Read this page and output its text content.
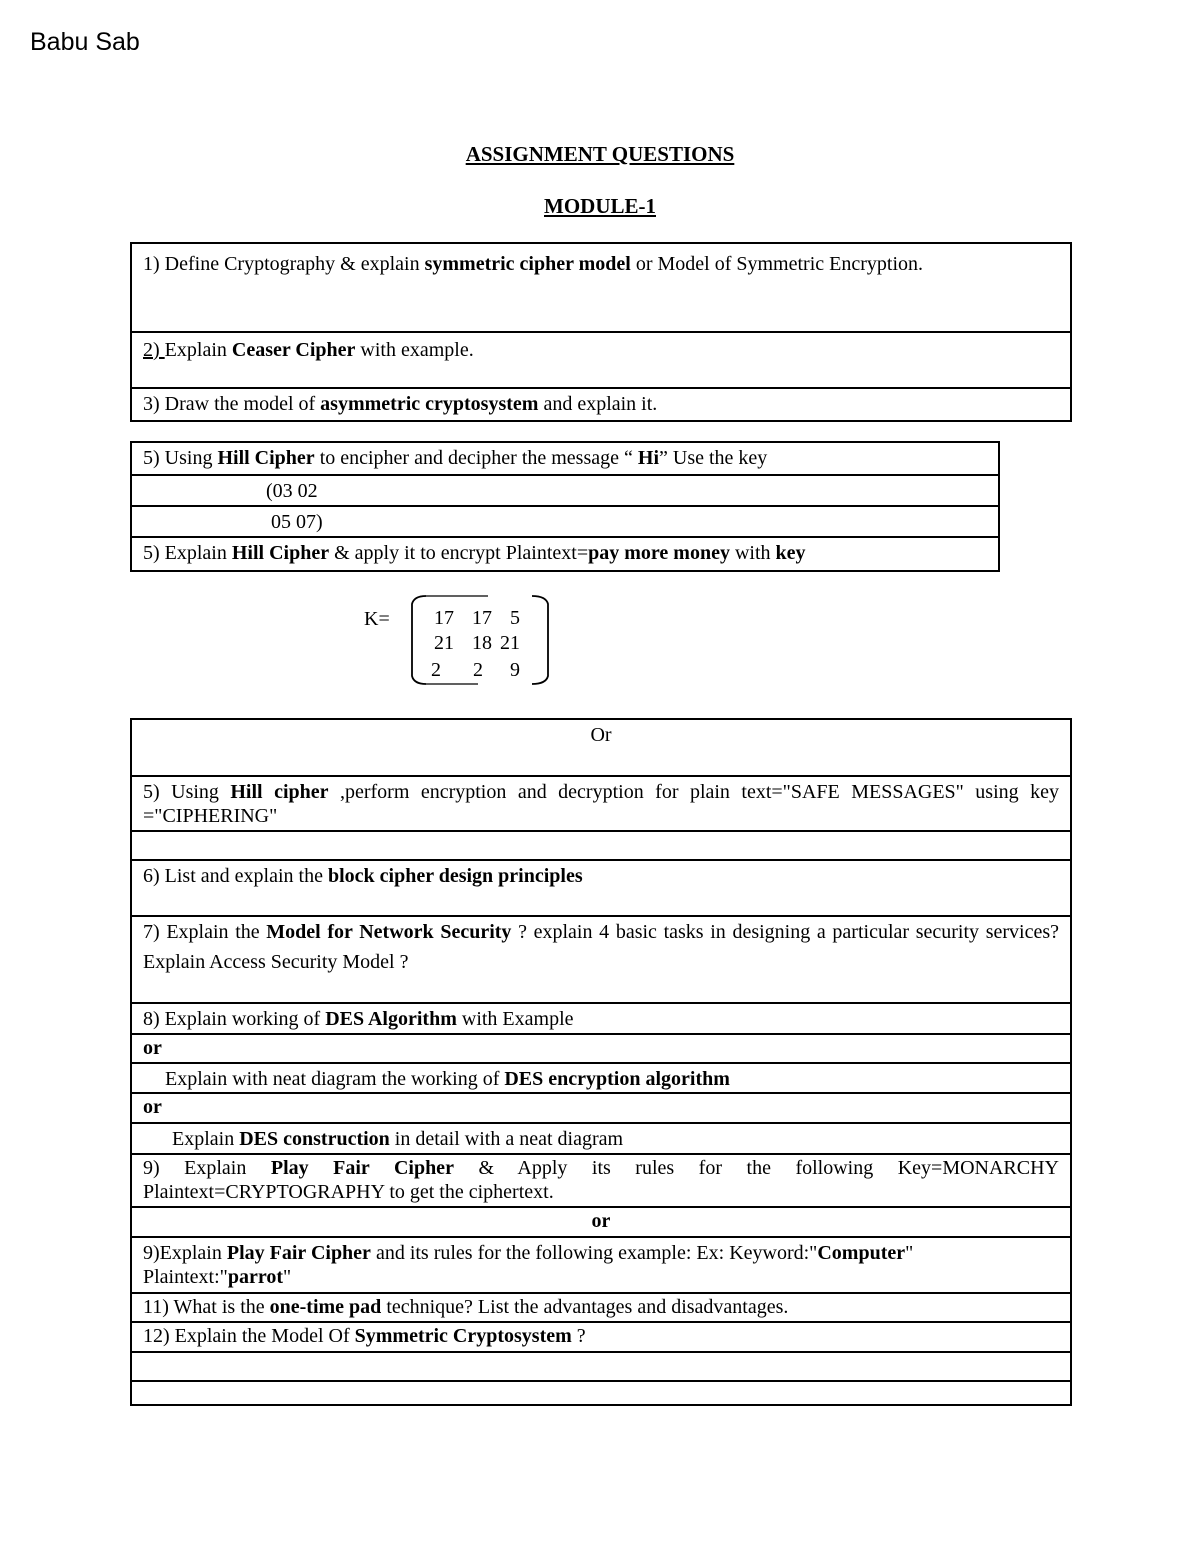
Babu Sab
ASSIGNMENT QUESTIONS
MODULE-1
1) Define Cryptography & explain symmetric cipher model or Model of Symmetric Encryption.
2) Explain Ceaser Cipher with example.
3) Draw the model of asymmetric cryptosystem and explain it.
5) Using Hill Cipher to encipher and decipher the message “ Hi” Use the key
(03 02
05 07)
5) Explain Hill Cipher & apply it to encrypt Plaintext=pay more money with key
K= 17 17 5
21 18 21
2	2	9
Or
5) Using Hill cipher ,perform encryption and decryption for plain text="SAFE MESSAGES" using key ="CIPHERING"
6) List and explain the block cipher design principles
7) Explain the Model for Network Security ? explain 4 basic tasks in designing a particular security services? Explain Access Security Model ?
8) Explain working of DES Algorithm with Example
or
Explain with neat diagram the working of DES encryption algorithm
or
Explain DES construction in detail with a neat diagram
9) Explain Play Fair Cipher & Apply its rules for the following Key=MONARCHY Plaintext=CRYPTOGRAPHY to get the ciphertext.
or
9)Explain Play Fair Cipher and its rules for the following example: Ex: Keyword:"Computer" Plaintext:"parrot"
11) What is the one-time pad technique? List the advantages and disadvantages.
12) Explain the Model Of Symmetric Cryptosystem ?
